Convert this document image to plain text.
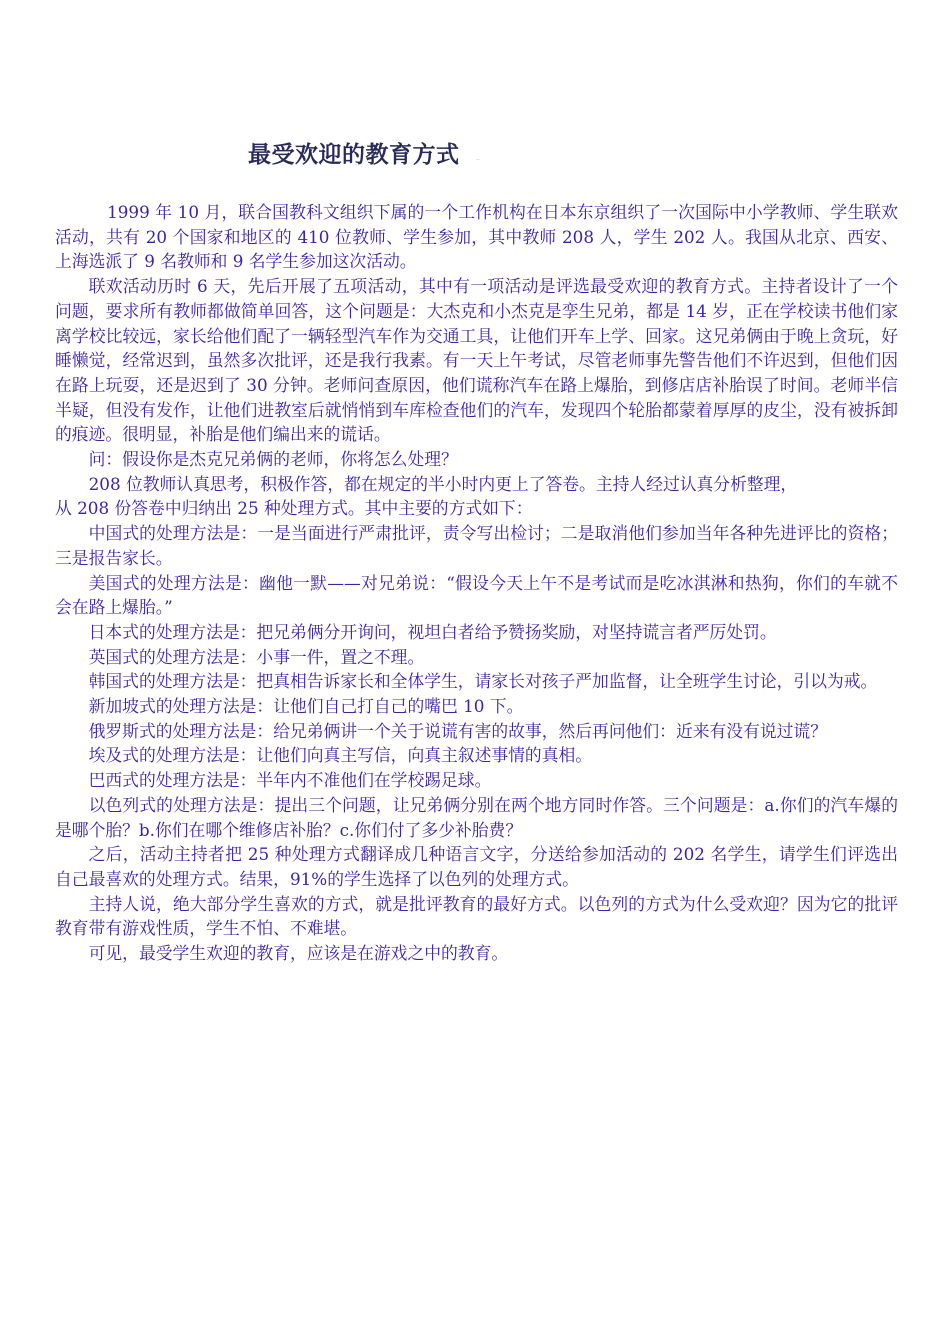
最受欢迎的教育方式	..

1999 年 10 月，联合国教科文组织下属的一个工作机构在日本东京组织了一次国际中小学教师、学生联欢活动，共有 20 个国家和地区的 410 位教师、学生参加，其中教师 208 人，学生 202 人。我国从北京、西安、上海选派了 9 名教师和 9 名学生参加这次活动。

联欢活动历时 6 天，先后开展了五项活动，其中有一项活动是评选最受欢迎的教育方式。主持者设计了一个问题，要求所有教师都做简单回答，这个问题是：大杰克和小杰克是孪生兄弟，都是 14 岁，正在学校读书他们家离学校比较远，家长给他们配了一辆轻型汽车作为交通工具，让他们开车上学、回家。这兄弟俩由于晚上贪玩，好睡懒觉，经常迟到，虽然多次批评，还是我行我素。有一天上午考试，尽管老师事先警告他们不许迟到，但他们因在路上玩耍，还是迟到了 30 分钟。老师问查原因，他们谎称汽车在路上爆胎，到修店店补胎误了时间。老师半信半疑，但没有发作，让他们进教室后就悄悄到车库检查他们的汽车，发现四个轮胎都蒙着厚厚的皮尘，没有被拆卸的痕迹。很明显，补胎是他们编出来的谎话。

问：假设你是杰克兄弟俩的老师，你将怎么处理？

208 位教师认真思考，积极作答，都在规定的半小时内更上了答卷。主持人经过认真分析整理，

从 208 份答卷中归纳出 25 种处理方式。其中主要的方式如下：

中国式的处理方法是：一是当面进行严肃批评，责令写出检讨；二是取消他们参加当年各种先进评比的资格；三是报告家长。

美国式的处理方法是：幽他一默——对兄弟说：“假设今天上午不是考试而是吃冰淇淋和热狗，你们的车就不会在路上爆胎。”

日本式的处理方法是：把兄弟俩分开询问，视坦白者给予赞扬奖励，对坚持谎言者严厉处罚。

英国式的处理方法是：小事一件，置之不理。

韩国式的处理方法是：把真相告诉家长和全体学生，请家长对孩子严加监督，让全班学生讨论，引以为戒。

新加坡式的处理方法是：让他们自己打自己的嘴巴 10 下。

俄罗斯式的处理方法是：给兄弟俩讲一个关于说谎有害的故事，然后再问他们：近来有没有说过谎？

埃及式的处理方法是：让他们向真主写信，向真主叙述事情的真相。

巴西式的处理方法是：半年内不准他们在学校踢足球。

以色列式的处理方法是：提出三个问题，让兄弟俩分别在两个地方同时作答。三个问题是：a.你们的汽车爆的是哪个胎？b.你们在哪个维修店补胎？c.你们付了多少补胎费？

之后，活动主持者把 25 种处理方式翻译成几种语言文字，分送给参加活动的 202 名学生，请学生们评选出自己最喜欢的处理方式。结果，91%的学生选择了以色列的处理方式。

主持人说，绝大部分学生喜欢的方式，就是批评教育的最好方式。以色列的方式为什么受欢迎？因为它的批评教育带有游戏性质，学生不怕、不难堪。

可见，最受学生欢迎的教育，应该是在游戏之中的教育。
